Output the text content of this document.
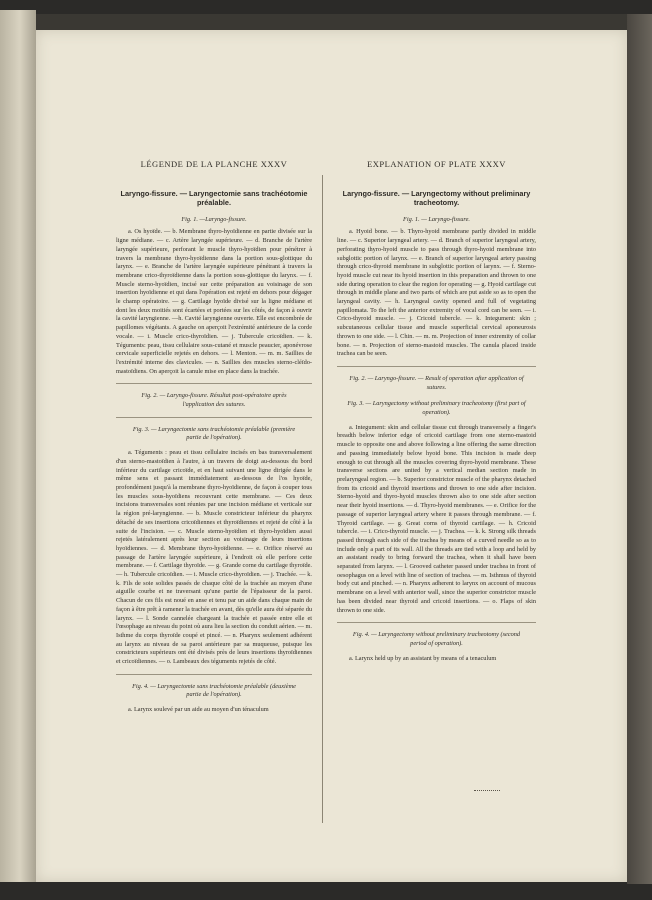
LÉGENDE DE LA PLANCHE XXXV
Laryngo-fissure. — Laryngectomie sans trachéotomie préalable.
Fig. 1. —Laryngo-fissure.

a. Os hyoïde. — b. Membrane thyro-hyoïdienne en partie divisée sur la ligne médiane. — c. Artère laryngée supérieure. — d. Branche de l'artère laryngée supérieure, perforant le muscle thyro-hyoïdien pour pénétrer à travers la membrane thyro-hyoïdienne dans la portion sous-glottique du larynx. — e. Branche de l'artère laryngée supérieure pénétrant à travers la membrane crico-thyroïdienne dans la portion sous-glottique du larynx. — f. Muscle sterno-hyoïdien, incisé sur cette préparation au voisinage de son insertion hyoïdienne et qui dans l'opération est rejeté en dehors pour dégager le champ opératoire. — g. Cartilage hyoïde divisé sur la ligne médiane et dont les deux moitiés sont écartées et portées sur les côtés, de façon à ouvrir la cavité laryngienne. —h. Cavité laryngienne ouverte. Elle est encombrée de papillomes végétants. A gauche on aperçoit l'extrémité antérieure de la corde vocale. — i. Muscle crico-thyroïdien. — j. Tubercule cricoïdien. — k. Téguments: peau, tissu cellulaire sous-cutané et muscle peaucier, aponévrose cervicale superficielle rejetés en dehors. — l. Menton. — m. m. Saillies de l'extrémité interne des clavicules. — n. Saillies des muscles sterno-cléïdo-mastoïdiens. On aperçoit la canule mise en place dans la trachée.

Fig. 2. — Laryngo-fissure. Résultat post-opératoire après l'application des sutures.
Fig. 3. — Laryngectomie sans trachéotomie préalable (première partie de l'opération).

a. Téguments : peau et tissu cellulaire incisés en bas transversalement d'un sterno-mastoïdien à l'autre, à un travers de doigt au-dessous du bord inférieur du cartilage cricoïde, et en haut suivant une ligne dirigée dans le même sens et passant immédiatement au-dessous de l'os hyoïde, profondément jusqu'à la membrane thyro-hyoïdienne, de façon à couper tous les muscles sous-hyoïdiens recouvrant cette membrane. — Ces deux incisions transversales sont réunies par une incision médiane et verticale sur la région pré-laryngienne. — b. Muscle constricteur inférieur du pharynx détaché de ses insertions cricoïdiennes et thyroïdiennes et rejeté de côté à la suite de l'incision. — c. Muscle sterno-hyoïdien et thyro-hyoïdien aussi rejetés latéralement après leur section au voisinage de leurs insertions hyoïdiennes. — d. Membrane thyro-hyoïdienne. — e. Orifice réservé au passage de l'artère laryngée supérieure, à l'endroit où elle perfore cette membrane. — f. Cartilage thyroïde. — g. Grande corne du cartilage thyroïde. — h. Tubercule cricoïdien. — i. Muscle crico-thyroïdien. — j. Trachée. — k. k. Fils de soie solides passés de chaque côté de la trachée au moyen d'une aiguille courbe et ne traversant qu'une partie de l'épaisseur de la paroi. Chacun de ces fils est noué en anse et tenu par un aide dans chaque main de façon à être prêt à ramener la trachée en avant, dès qu'elle aura été séparée du larynx. — l. Sonde cannelée chargeant la trachée et passée entre elle et l'œsophage au niveau du point où aura lieu la section du conduit aérien. — m. Isthme du corps thyroïde coupé et pincé. — n. Pharynx seulement adhérent au larynx au niveau de sa paroi antérieure par sa muqueuse, puisque les constricteurs supérieurs ont été divisés près de leurs insertions thyroïdiennes et cricoïdiennes. — o. Lambeaux des téguments rejetés de côté.

Fig. 4. — Laryngectomie sans trachéotomie préalable (deuxième partie de l'opération).

a. Larynx soulevé par un aide au moyen d'un ténaculum

EXPLANATION OF PLATE XXXV
Laryngo-fissure. — Laryngectomy without preliminary tracheotomy.
Fig. 1. — Laryngo-fissure.

a. Hyoid bone. — b. Thyro-hyoid membrane partly divided in middle line. — c. Superior laryngeal artery. — d. Branch of superior laryngeal artery, perforating thyro-hyoid muscle to pass through thyro-hyoid membrane into subglottic portion of larynx. — e. Branch of superior laryngeal artery passing through crico-thyroid membrane in subglottic portion of larynx. — f. Sterno-hyoid muscle cut near its hyoid insertion in this preparation and thrown to one side during operation to clear the region for operating — g. Hyoid cartilage cut through in middle plane and two parts of which are put aside so as to open the laryngeal cavity. — h. Laryngeal cavity opened and full of vegetating papillomata. To the left the anterior extremity of vocal cord can be seen. — i. Crico-thyroid muscle. — j. Cricoid tubercle. — k. Integument: skin ; subcutaneous cellular tissue and muscle superficial cervical aponeurosis thrown to one side. — l. Chin. — m. m. Projection of inner extremity of collar bone. — n. Projection of sterno-mastoid muscles. The canula placed inside trachea can be seen.

Fig. 2. — Laryngo-fissure. — Result of operation after application of sutures.
Fig. 3. — Laryngectomy without preliminary tracheotomy (first part of operation).

a. Integument: skin and cellular tissue cut through transversely a finger's breadth below inferior edge of cricoid cartilage from one sterno-mastoid muscle to opposite one and above following a line offering the same direction and passing immediately below hyoid bone. This incision is made deep enough to cut through all the muscles covering thyro-hyoid membrane. These transverse sections are united by a vertical median section made in prelaryngeal region. — b. Superior constrictor muscle of the pharynx detached from its cricoid and thyroid insertions and thrown to one side after incision. Sterno-hyoid and thyro-hyoid muscles thrown also to one side after section near their hyoid insertions. — d. Thyro-hyoid membranes. — e. Orifice for the passage of superior laryngeal artery where it passes through membrane. — f. Thyroid cartilage. — g. Great corns of thyroid cartilage. — h. Cricoid tubercle. — i. Crico-thyroid muscle. — j. Trachea. — k. k. Strong silk threads passed through each side of the trachea by means of a curved needle so as to include only a part of its wall. All the threads are tied with a loop and held by an assistant ready to bring forward the trachea, when it shall have been separated from larynx. — l. Grooved catheter passed under trachea in front of oesophagus on a level with line of section of trachea. — m. Isthmus of thyroid body cut and pinched. — n. Pharynx adherent to larynx on account of mucous membrane on a level with anterior wall, since the superior constrictor muscle has been divided near thyroid and cricoid insertions. — o. Flaps of skin thrown to one side.

Fig. 4. — Laryngectomy without preliminary tracheotomy (second period of operation).

a. Larynx held up by an assistant by means of a tenaculum
